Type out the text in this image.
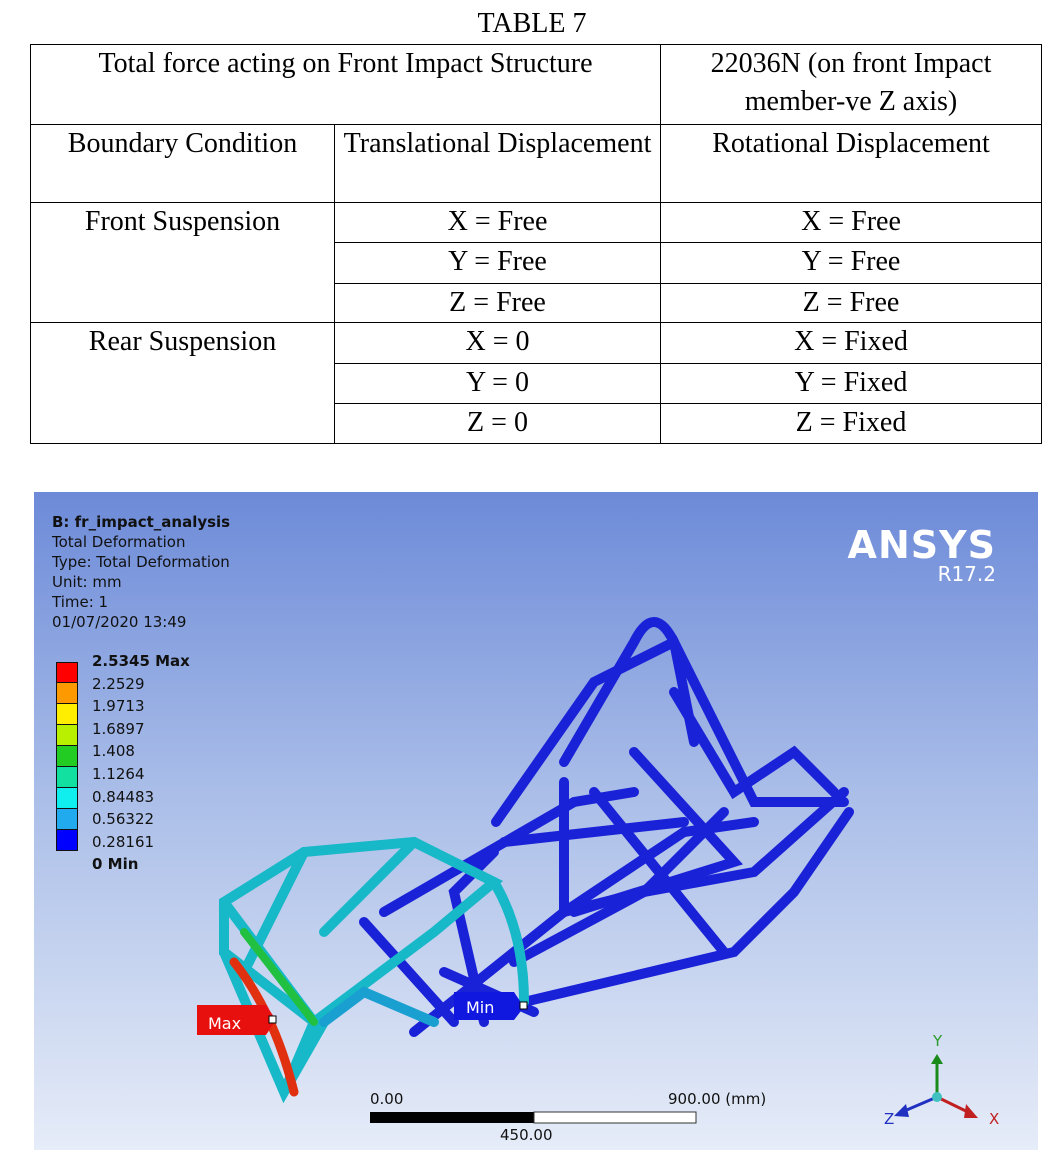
TABLE 7
Total force acting on Front Impact Structure		22036N (on front Impact member-ve Z axis)
Boundary Condition	Translational Displacement	Rotational Displacement
Front Suspension	X = Free	X = Free
	Y = Free	Y = Free
	Z = Free	Z = Free
Rear Suspension	X = 0	X = Fixed
	Y = 0	Y = Fixed
	Z = 0	Z = Fixed
B: fr_impact_analysis
Total Deformation
Type: Total Deformation
Unit: mm
Time: 1
01/07/2020 13:49
2.5345 Max
2.2529
1.9713
1.6897
1.408
1.1264
0.84483
0.56322
0.28161
0 Min
ANSYS
R17.2
Max
Min
0.00
450.00
900.00 (mm)
Y
X
Z
